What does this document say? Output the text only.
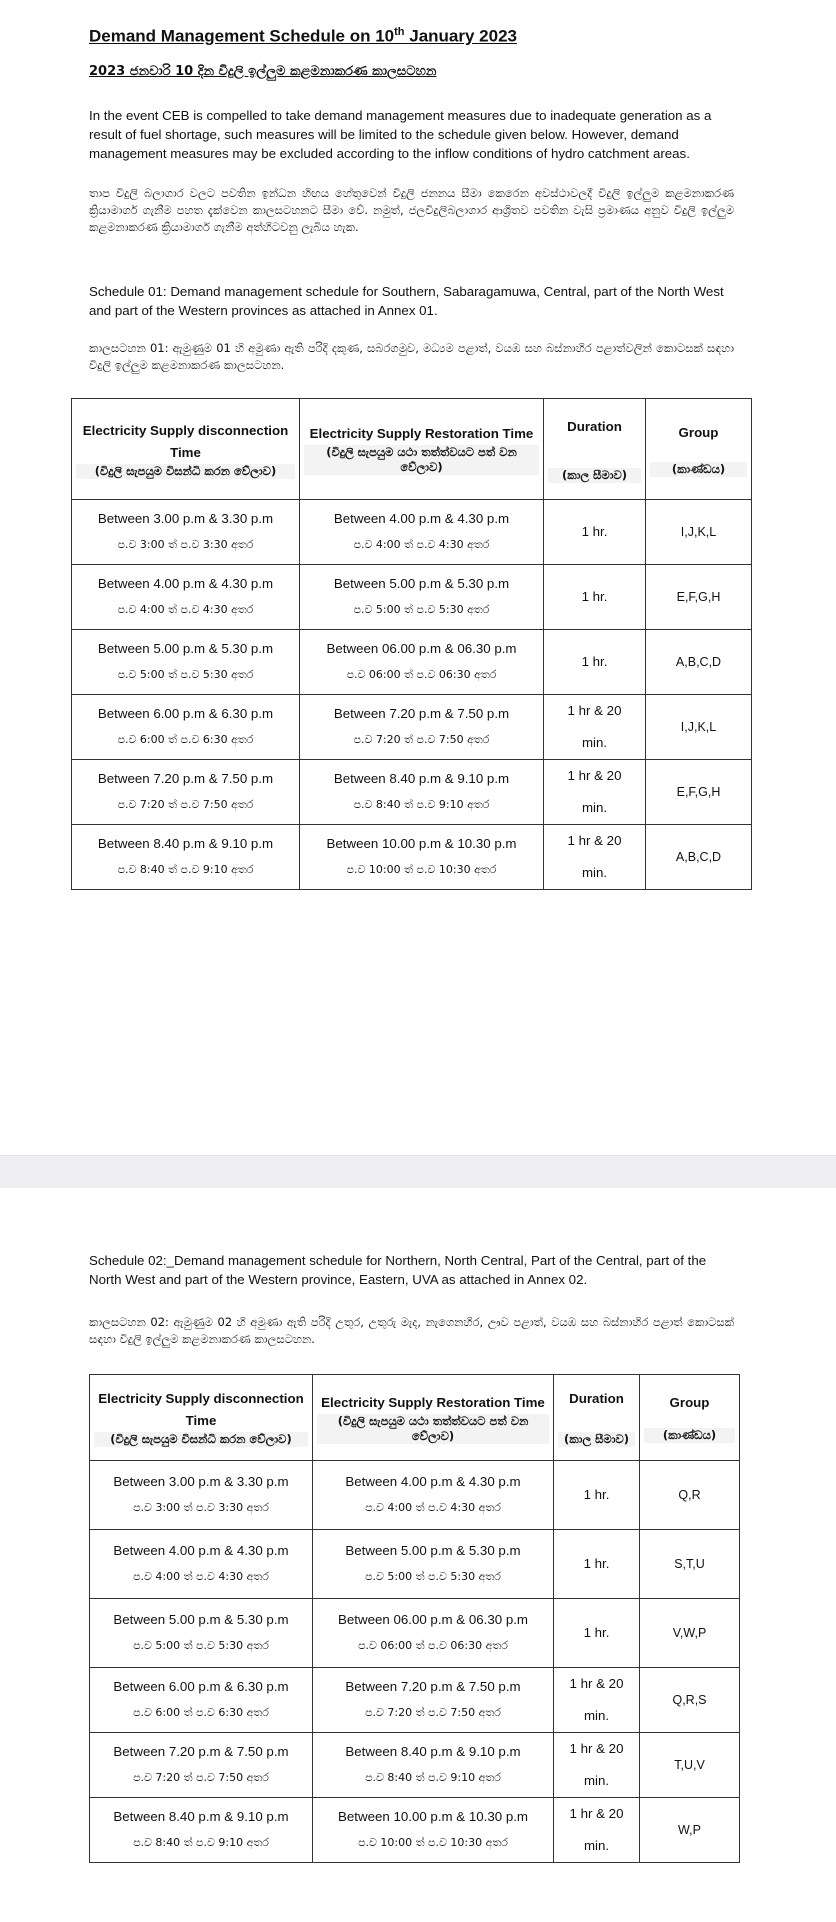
Demand Management Schedule on 10th January 2023
2023 ජනවාරි 10 දින විදුලි ඉල්ලුම කළමනාකරණ කාලසටහන
In the event CEB is compelled to take demand management measures due to inadequate generation as a result of fuel shortage, such measures will be limited to the schedule given below. However, demand management measures may be excluded according to the inflow conditions of hydro catchment areas.
තාප විදුලි බලාගාර වලට පවතින ඉන්ධන හිඟය හේතුවෙන් විදුලි ජනනය සීමා කෙරෙන අවස්ථාවලදී විදුලි ඉල්ලුම කළමනාකරණ ක්‍රියාමාර්ග ගැනීම පහත දැක්වෙන කාලසටහනට සීමා වේ. නමුත්, ජලවිදුලිබලාගාර ආශ්‍රිතව පවතින වැසි ප්‍රමාණය අනුව විදුලි ඉල්ලුම කළමනාකරණ ක්‍රියාමාර්ග ගැනීම අත්හිටවනු ලැබිය හැක.
Schedule 01: Demand management schedule for Southern, Sabaragamuwa, Central, part of the North West and part of the Western provinces as attached in Annex 01.
කාලසටහන 01: ඇමුණුම 01 හි අමුණා ඇති පරිදි දකුණ, සබරගමුව, මධ්‍යම පළාත්, වයඹ සහ බස්නාහිර පළාත්වලින් කොටසක් සඳහා විදුලි ඉල්ලුම කළමනාකරණ කාලසටහන.
Electricity Supply disconnection Time
(විදුලි සැපයුම විසන්ධි කරන වේලාව)	Electricity Supply Restoration Time
(විදුලි සැපයුම යථා තත්ත්වයට පත් වන වේලාව)	Duration
(කාල සීමාව)	Group
(කාණ්ඩය)

Between 3.00 p.m & 3.30 p.m
ප.ව 3:00 ත් ප.ව 3:30 අතර	Between 4.00 p.m & 4.30 p.m
ප.ව 4:00 ත් ප.ව 4:30 අතර	1 hr.	I,J,K,L

Between 4.00 p.m & 4.30 p.m
ප.ව 4:00 ත් ප.ව 4:30 අතර	Between 5.00 p.m & 5.30 p.m
ප.ව 5:00 ත් ප.ව 5:30 අතර	1 hr.	E,F,G,H

Between 5.00 p.m & 5.30 p.m
ප.ව 5:00 ත් ප.ව 5:30 අතර	Between 06.00 p.m & 06.30 p.m
ප.ව 06:00 ත් ප.ව 06:30 අතර	1 hr.	A,B,C,D

Between 6.00 p.m & 6.30 p.m
ප.ව 6:00 ත් ප.ව 6:30 අතර	Between 7.20 p.m & 7.50 p.m
ප.ව 7:20 ත් ප.ව 7:50 අතර	1 hr & 20
min.	I,J,K,L

Between 7.20 p.m & 7.50 p.m
ප.ව 7:20 ත් ප.ව 7:50 අතර	Between 8.40 p.m & 9.10 p.m
ප.ව 8:40 ත් ප.ව 9:10 අතර	1 hr & 20
min.	E,F,G,H

Between 8.40 p.m & 9.10 p.m
ප.ව 8:40 ත් ප.ව 9:10 අතර	Between 10.00 p.m & 10.30 p.m
ප.ව 10:00 ත් ප.ව 10:30 අතර	1 hr & 20
min.	A,B,C,D
Schedule 02:_Demand management schedule for Northern, North Central, Part of the Central, part of the North West and part of the Western province, Eastern, UVA as attached in Annex 02.
කාලසටහන 02: ඇමුණුම 02 හි අමුණා ඇති පරිදි උතුර, උතුරු මැද, නැගෙනහිර, ඌව පළාත්, වයඹ සහ බස්නාහිර පළාත් කොටසක් සඳහා විදුලි ඉල්ලුම කළමනාකරණ කාලසටහන.
Electricity Supply disconnection Time
(විදුලි සැපයුම විසන්ධි කරන වේලාව)	Electricity Supply Restoration Time
(විදුලි සැපයුම යථා තත්ත්වයට පත් වන වේලාව)	Duration
(කාල සීමාව)	Group
(කාණ්ඩය)

Between 3.00 p.m & 3.30 p.m
ප.ව 3:00 ත් ප.ව 3:30 අතර	Between 4.00 p.m & 4.30 p.m
ප.ව 4:00 ත් ප.ව 4:30 අතර	1 hr.	Q,R

Between 4.00 p.m & 4.30 p.m
ප.ව 4:00 ත් ප.ව 4:30 අතර	Between 5.00 p.m & 5.30 p.m
ප.ව 5:00 ත් ප.ව 5:30 අතර	1 hr.	S,T,U

Between 5.00 p.m & 5.30 p.m
ප.ව 5:00 ත් ප.ව 5:30 අතර	Between 06.00 p.m & 06.30 p.m
ප.ව 06:00 ත් ප.ව 06:30 අතර	1 hr.	V,W,P

Between 6.00 p.m & 6.30 p.m
ප.ව 6:00 ත් ප.ව 6:30 අතර	Between 7.20 p.m & 7.50 p.m
ප.ව 7:20 ත් ප.ව 7:50 අතර	1 hr & 20
min.	Q,R,S

Between 7.20 p.m & 7.50 p.m
ප.ව 7:20 ත් ප.ව 7:50 අතර	Between 8.40 p.m & 9.10 p.m
ප.ව 8:40 ත් ප.ව 9:10 අතර	1 hr & 20
min.	T,U,V

Between 8.40 p.m & 9.10 p.m
ප.ව 8:40 ත් ප.ව 9:10 අතර	Between 10.00 p.m & 10.30 p.m
ප.ව 10:00 ත් ප.ව 10:30 අතර	1 hr & 20
min.	W,P
